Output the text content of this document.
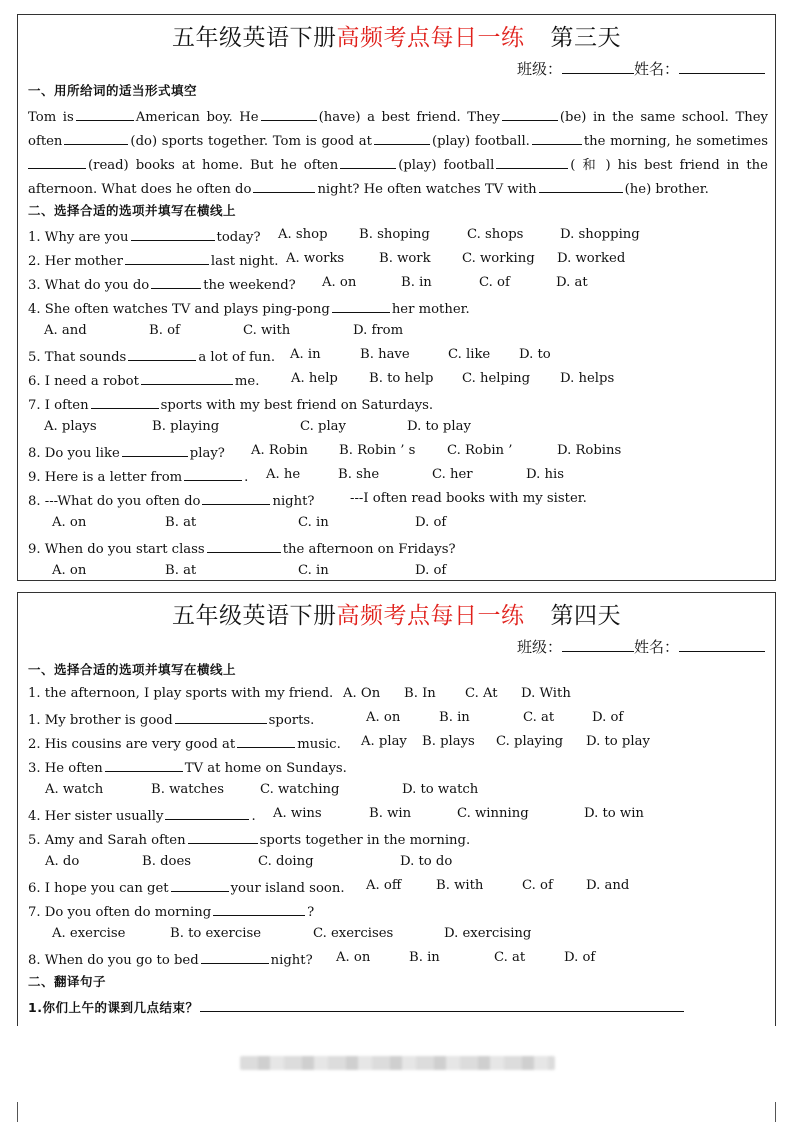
五年级英语下册高频考点每日一练 第三天
班级：	姓名：
一、用所给词的适当形式填空
Tom is	American boy. He	(have) a best friend. They	(be) in the same school. They
often	(do) sports together. Tom is good at	(play) football.	the morning, he sometimes
(read) books at home. But he often	(play) football	( 和 ) his best friend in the
afternoon. What does he often do	night? He often watches TV with	(he) brother.
二、选择合适的选项并填写在横线上
1. Why are you	today? A. shop B. shoping	C. shops	D. shopping
2. Her mother	last night. A. works	B. work C. working D. worked
3. What do you do	the weekend? A. on	B. in	C. of	D. at
4. She often watches TV and plays ping-pong	her mother.
A. and	B. of	C. with	D. from
5. That sounds	a lot of fun. A. in	B. have	C. like D. to
6. I need a robot	me. A. help B. to help C. helping D. helps
7. I often	sports with my best friend on Saturdays.
A. plays	B. playing	C. play	D. to play
8. Do you like	play? A. Robin B. Robin ’ s C. Robin ’	D. Robins
9. Here is a letter from	. A. he	B. she	C. her	D. his
8. ---What do you often do	night?	---I often read books with my sister.
A. on	B. at	C. in	D. of
9. When do you start class	the afternoon on Fridays?
A. on	B. at	C. in	D. of
五年级英语下册高频考点每日一练 第四天
班级：	姓名：
一、选择合适的选项并填写在横线上
1. the afternoon, I play sports with my friend. A. On B. In C. At D. With
1. My brother is good	sports.	A. on	B. in	C. at	D. of
2. His cousins are very good at	music. A. play B. plays C. playing D. to play
3. He often	TV at home on Sundays.
A. watch	B. watches	C. watching	D. to watch
4. Her sister usually	. A. wins	B. win	C. winning	D. to win
5. Amy and Sarah often	sports together in the morning.
A. do	B. does	C. doing	D. to do
6. I hope you can get	your island soon. A. off	B. with	C. of	D. and
7. Do you often do morning	?
A. exercise	B. to exercise	C. exercises	D. exercising
8. When do you go to bed	night? A. on	B. in	C. at	D. of
二、翻译句子
1.你们上午的课到几点结束？
